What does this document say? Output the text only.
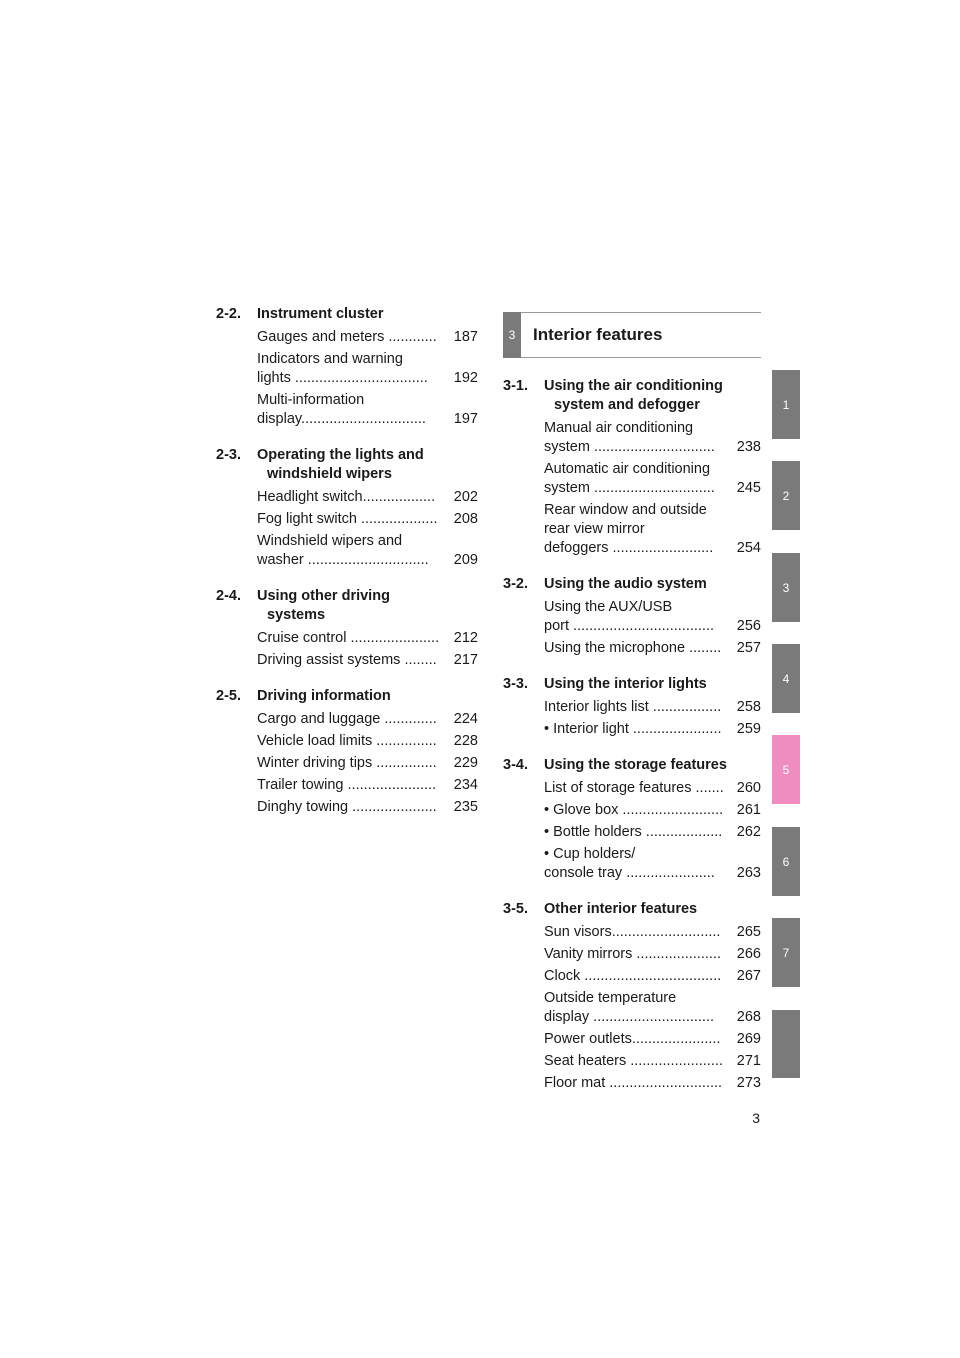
2-2.	Instrument cluster
Gauges and meters ............	187
Indicators and warning
lights .................................	192
Multi-information
display...............................	197
2-3.	Operating the lights and
windshield wipers
Headlight switch..................	202
Fog light switch ...................	208
Windshield wipers and
washer ..............................	209
2-4.	Using other driving
systems
Cruise control ......................	212
Driving assist systems ........	217
2-5.	Driving information
Cargo and luggage .............	224
Vehicle load limits ...............	228
Winter driving tips ...............	229
Trailer towing ......................	234
Dinghy towing .....................	235
3	Interior features
3-1.	Using the air conditioning
system and defogger
Manual air conditioning
system ..............................	238
Automatic air conditioning
system ..............................	245
Rear window and outside
rear view mirror
defoggers .........................	254
3-2.	Using the audio system
Using the AUX/USB
port ...................................	256
Using the microphone ........	257
3-3.	Using the interior lights
Interior lights list .................	258
• Interior light ......................	259
3-4.	Using the storage features
List of storage features ....... 260
• Glove box ......................... 261
• Bottle holders ................... 262
• Cup holders/
console tray ......................	263
3-5.	Other interior features
Sun visors...........................	265
Vanity mirrors .....................	266
Clock ..................................	267
Outside temperature
display ..............................	268
Power outlets......................	269
Seat heaters ....................... 271
Floor mat ............................	273
1
2
3
4
5
6
7
3
